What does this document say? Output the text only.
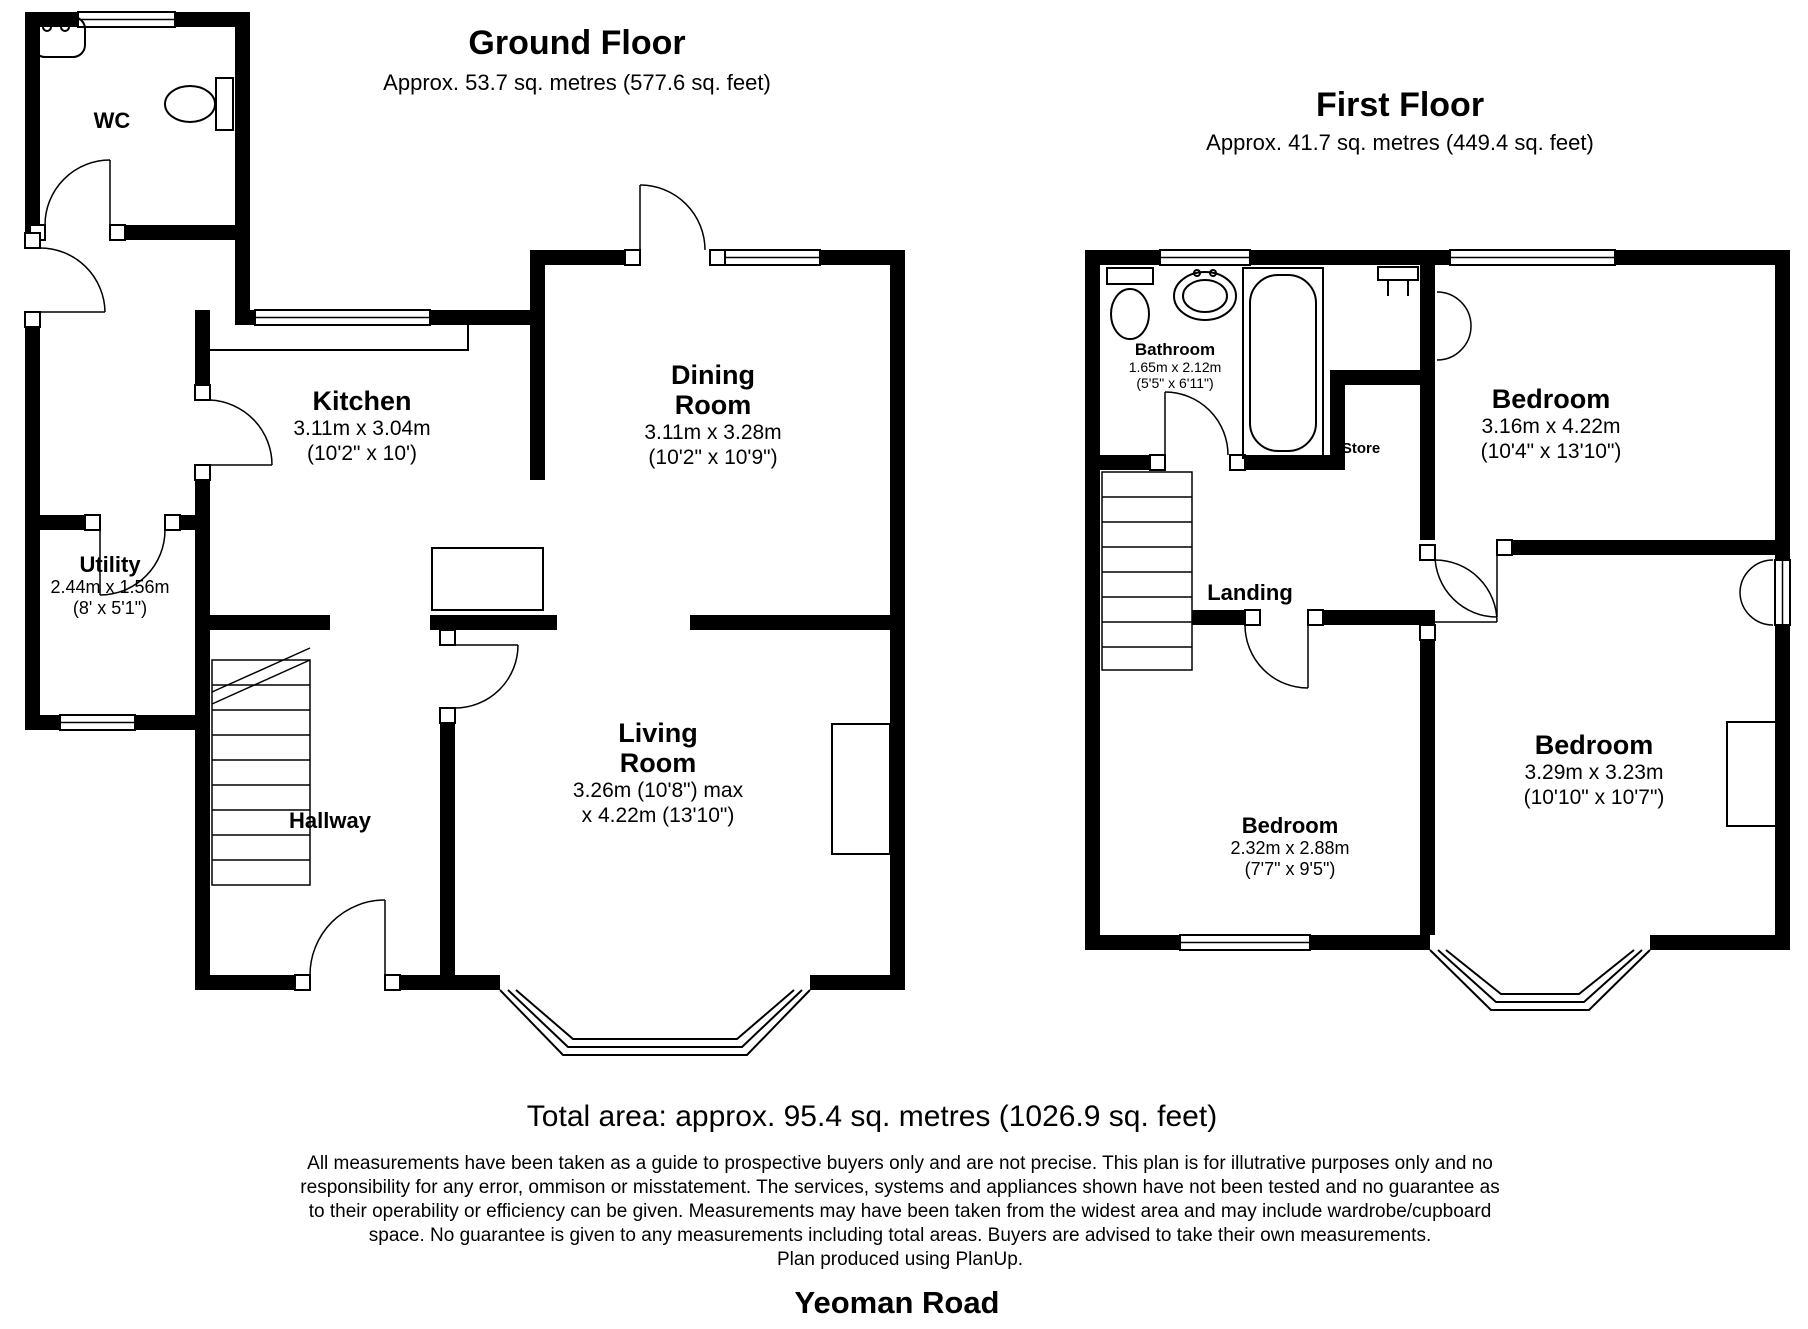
Ground Floor
Approx. 53.7 sq. metres (577.6 sq. feet)
First Floor
Approx. 41.7 sq. metres (449.4 sq. feet)
WC
Kitchen
3.11m x 3.04m
(10'2" x 10')
Dining Room
3.11m x 3.28m
(10'2" x 10'9")
Utility
2.44m x 1.56m
(8' x 5'1")
Living Room
3.26m (10'8") max
x 4.22m (13'10")
Hallway
Bathroom
1.65m x 2.12m
(5'5" x 6'11")
Store
Bedroom
3.16m x 4.22m
(10'4" x 13'10")
Landing
Bedroom
2.32m x 2.88m
(7'7" x 9'5")
Bedroom
3.29m x 3.23m
(10'10" x 10'7")
Total area: approx. 95.4 sq. metres (1026.9 sq. feet)
All measurements have been taken as a guide to prospective buyers only and are not precise. This plan is for illutrative purposes only and no
responsibility for any error, ommison or misstatement. The services, systems and appliances shown have not been tested and no guarantee as
to their operability or efficiency can be given. Measurements may have been taken from the widest area and may include wardrobe/cupboard
space. No guarantee is given to any measurements including total areas. Buyers are advised to take their own measurements.
Plan produced using PlanUp.
Yeoman Road
